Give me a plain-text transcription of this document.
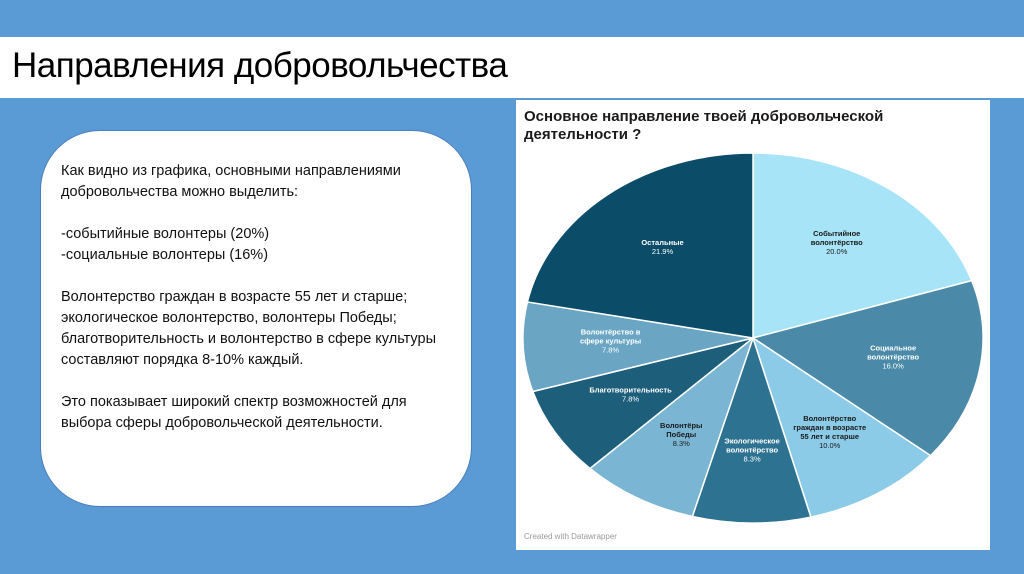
Направления добровольчества

Как видно из графика, основными направлениями добровольчества можно выделить:

-событийные волонтеры (20%)
-социальные волонтеры (16%)

Волонтерство граждан в возрасте 55 лет и старше; экологическое волонтерство, волонтеры Победы; благотворительность и волонтерство в сфере культуры составляют порядка 8-10% каждый.

Это показывает широкий спектр возможностей для выбора сферы добровольческой деятельности.

Основное направление твоей добровольческой деятельности ?
Событийное волонтёрство 20.0%
Социальное волонтёрство 16.0%
Волонтёрство граждан в возрасте 55 лет и старше 10.0%
Экологическое волонтёрство 8.3%
Волонтёры Победы 8.3%
Благотворительность 7.8%
Волонтёрство в сфере культуры 7.8%
Остальные 21.9%
Created with Datawrapper
